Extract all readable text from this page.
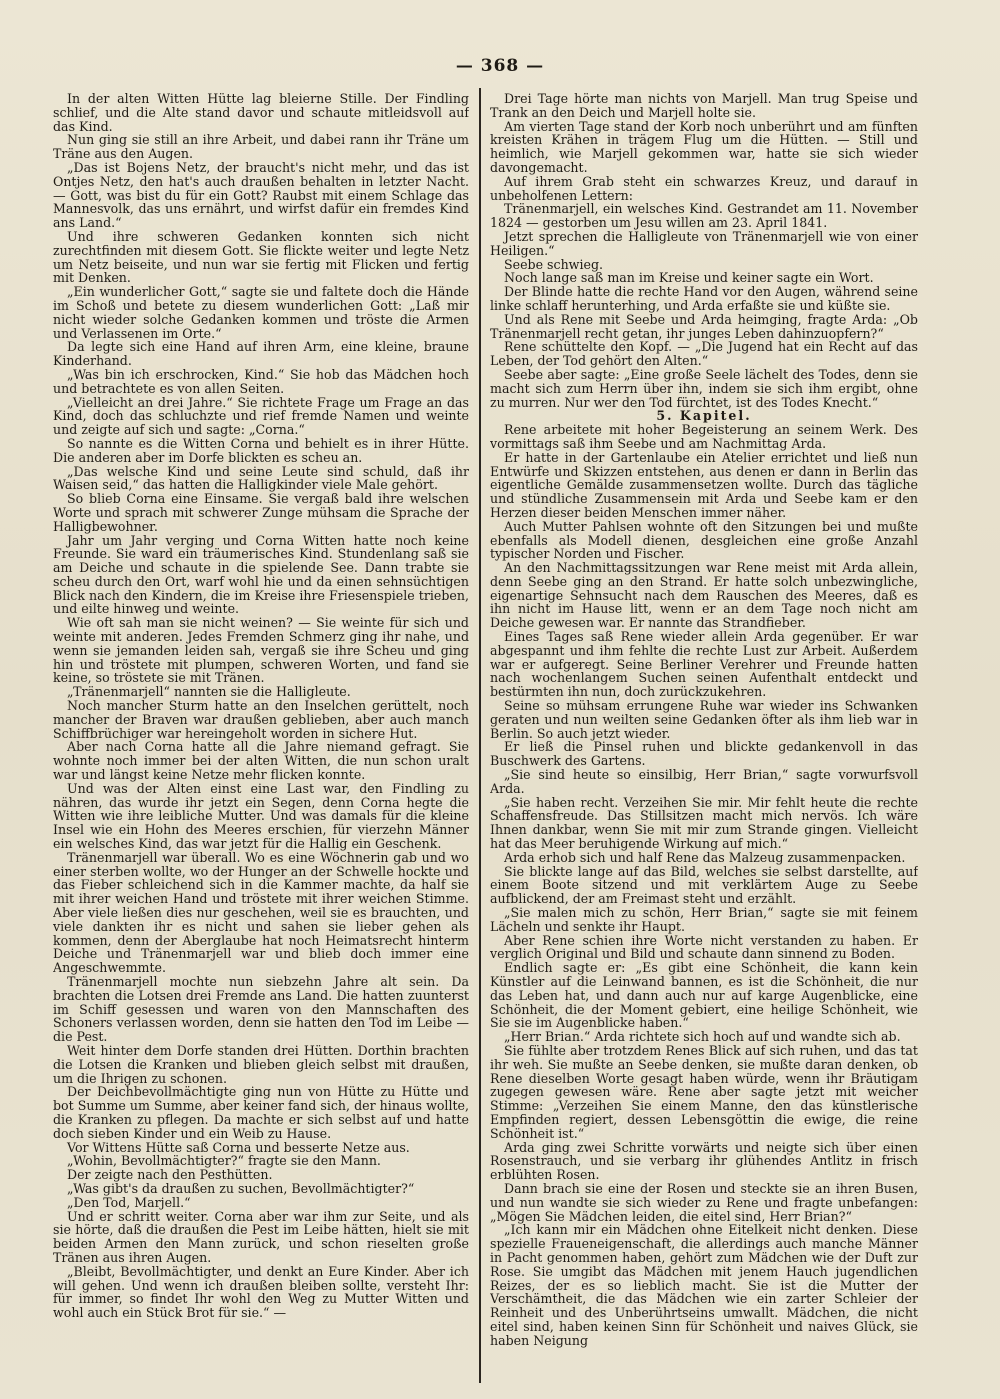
— 368 —

In der alten Witten Hütte lag bleierne Stille. Der Findling schlief, und die Alte stand davor und schaute mitleidsvoll auf das Kind.

Nun ging sie still an ihre Arbeit, und dabei rann ihr Träne um Träne aus den Augen.

„Das ist Bojens Netz, der braucht's nicht mehr, und das ist Ontjes Netz, den hat's auch draußen behalten in letzter Nacht. — Gott, was bist du für ein Gott? Raubst mit einem Schlage das Mannesvolk, das uns ernährt, und wirfst dafür ein fremdes Kind ans Land.“

Und ihre schweren Gedanken konnten sich nicht zurechtfinden mit diesem Gott. Sie flickte weiter und legte Netz um Netz beiseite, und nun war sie fertig mit Flicken und fertig mit Denken.

„Ein wunderlicher Gott,“ sagte sie und faltete doch die Hände im Schoß und betete zu diesem wunderlichen Gott: „Laß mir nicht wieder solche Gedanken kommen und tröste die Armen und Verlassenen im Orte.“

Da legte sich eine Hand auf ihren Arm, eine kleine, braune Kinderhand.

„Was bin ich erschrocken, Kind.“ Sie hob das Mädchen hoch und betrachtete es von allen Seiten.

„Vielleicht an drei Jahre.“ Sie richtete Frage um Frage an das Kind, doch das schluchzte und rief fremde Namen und weinte und zeigte auf sich und sagte: „Corna.“

So nannte es die Witten Corna und behielt es in ihrer Hütte. Die anderen aber im Dorfe blickten es scheu an.

„Das welsche Kind und seine Leute sind schuld, daß ihr Waisen seid,“ das hatten die Halligkinder viele Male gehört.

So blieb Corna eine Einsame. Sie vergaß bald ihre welschen Worte und sprach mit schwerer Zunge mühsam die Sprache der Halligbewohner.

Jahr um Jahr verging und Corna Witten hatte noch keine Freunde. Sie ward ein träumerisches Kind. Stundenlang saß sie am Deiche und schaute in die spielende See. Dann trabte sie scheu durch den Ort, warf wohl hie und da einen sehnsüchtigen Blick nach den Kindern, die im Kreise ihre Friesenspiele trieben, und eilte hinweg und weinte.

Wie oft sah man sie nicht weinen? — Sie weinte für sich und weinte mit anderen. Jedes Fremden Schmerz ging ihr nahe, und wenn sie jemanden leiden sah, vergaß sie ihre Scheu und ging hin und tröstete mit plumpen, schweren Worten, und fand sie keine, so tröstete sie mit Tränen.

„Tränenmarjell“ nannten sie die Halligleute.

Noch mancher Sturm hatte an den Inselchen gerüttelt, noch mancher der Braven war draußen geblieben, aber auch manch Schiffbrüchiger war hereingeholt worden in sichere Hut.

Aber nach Corna hatte all die Jahre niemand gefragt. Sie wohnte noch immer bei der alten Witten, die nun schon uralt war und längst keine Netze mehr flicken konnte.

Und was der Alten einst eine Last war, den Findling zu nähren, das wurde ihr jetzt ein Segen, denn Corna hegte die Witten wie ihre leibliche Mutter. Und was damals für die kleine Insel wie ein Hohn des Meeres erschien, für vierzehn Männer ein welsches Kind, das war jetzt für die Hallig ein Geschenk.

Tränenmarjell war überall. Wo es eine Wöchnerin gab und wo einer sterben wollte, wo der Hunger an der Schwelle hockte und das Fieber schleichend sich in die Kammer machte, da half sie mit ihrer weichen Hand und tröstete mit ihrer weichen Stimme. Aber viele ließen dies nur geschehen, weil sie es brauchten, und viele dankten ihr es nicht und sahen sie lieber gehen als kommen, denn der Aberglaube hat noch Heimatsrecht hinterm Deiche und Tränenmarjell war und blieb doch immer eine Angeschwemmte.

Tränenmarjell mochte nun siebzehn Jahre alt sein. Da brachten die Lotsen drei Fremde ans Land. Die hatten zuunterst im Schiff gesessen und waren von den Mannschaften des Schoners verlassen worden, denn sie hatten den Tod im Leibe — die Pest.

Weit hinter dem Dorfe standen drei Hütten. Dorthin brachten die Lotsen die Kranken und blieben gleich selbst mit draußen, um die Ihrigen zu schonen.

Der Deichbevollmächtigte ging nun von Hütte zu Hütte und bot Summe um Summe, aber keiner fand sich, der hinaus wollte, die Kranken zu pflegen. Da machte er sich selbst auf und hatte doch sieben Kinder und ein Weib zu Hause.

Vor Wittens Hütte saß Corna und besserte Netze aus.

„Wohin, Bevollmächtigter?“ fragte sie den Mann.

Der zeigte nach den Pesthütten.

„Was gibt's da draußen zu suchen, Bevollmächtigter?“

„Den Tod, Marjell.“

Und er schritt weiter. Corna aber war ihm zur Seite, und als sie hörte, daß die draußen die Pest im Leibe hätten, hielt sie mit beiden Armen den Mann zurück, und schon rieselten große Tränen aus ihren Augen.

„Bleibt, Bevollmächtigter, und denkt an Eure Kinder. Aber ich will gehen. Und wenn ich draußen bleiben sollte, versteht Ihr: für immer, so findet Ihr wohl den Weg zu Mutter Witten und wohl auch ein Stück Brot für sie.“ —

Drei Tage hörte man nichts von Marjell. Man trug Speise und Trank an den Deich und Marjell holte sie.

Am vierten Tage stand der Korb noch unberührt und am fünften kreisten Krähen in trägem Flug um die Hütten. — Still und heimlich, wie Marjell gekommen war, hatte sie sich wieder davongemacht.

Auf ihrem Grab steht ein schwarzes Kreuz, und darauf in unbeholfenen Lettern:

Tränenmarjell, ein welsches Kind. Gestrandet am 11. November 1824 — gestorben um Jesu willen am 23. April 1841.

Jetzt sprechen die Halligleute von Tränenmarjell wie von einer Heiligen.“

Seebe schwieg.

Noch lange saß man im Kreise und keiner sagte ein Wort.

Der Blinde hatte die rechte Hand vor den Augen, während seine linke schlaff herunterhing, und Arda erfaßte sie und küßte sie.

Und als Rene mit Seebe und Arda heimging, fragte Arda: „Ob Tränenmarjell recht getan, ihr junges Leben dahinzuopfern?“

Rene schüttelte den Kopf. — „Die Jugend hat ein Recht auf das Leben, der Tod gehört den Alten.“

Seebe aber sagte: „Eine große Seele lächelt des Todes, denn sie macht sich zum Herrn über ihn, indem sie sich ihm ergibt, ohne zu murren. Nur wer den Tod fürchtet, ist des Todes Knecht.“

5. Kapitel.

Rene arbeitete mit hoher Begeisterung an seinem Werk. Des vormittags saß ihm Seebe und am Nachmittag Arda.

Er hatte in der Gartenlaube ein Atelier errichtet und ließ nun Entwürfe und Skizzen entstehen, aus denen er dann in Berlin das eigentliche Gemälde zusammensetzen wollte. Durch das tägliche und stündliche Zusammensein mit Arda und Seebe kam er den Herzen dieser beiden Menschen immer näher.

Auch Mutter Pahlsen wohnte oft den Sitzungen bei und mußte ebenfalls als Modell dienen, desgleichen eine große Anzahl typischer Norden und Fischer.

An den Nachmittagssitzungen war Rene meist mit Arda allein, denn Seebe ging an den Strand. Er hatte solch unbezwingliche, eigenartige Sehnsucht nach dem Rauschen des Meeres, daß es ihn nicht im Hause litt, wenn er an dem Tage noch nicht am Deiche gewesen war. Er nannte das Strandfieber.

Eines Tages saß Rene wieder allein Arda gegenüber. Er war abgespannt und ihm fehlte die rechte Lust zur Arbeit. Außerdem war er aufgeregt. Seine Berliner Verehrer und Freunde hatten nach wochenlangem Suchen seinen Aufenthalt entdeckt und bestürmten ihn nun, doch zurückzukehren.

Seine so mühsam errungene Ruhe war wieder ins Schwanken geraten und nun weilten seine Gedanken öfter als ihm lieb war in Berlin. So auch jetzt wieder.

Er ließ die Pinsel ruhen und blickte gedankenvoll in das Buschwerk des Gartens.

„Sie sind heute so einsilbig, Herr Brian,“ sagte vorwurfsvoll Arda.

„Sie haben recht. Verzeihen Sie mir. Mir fehlt heute die rechte Schaffensfreude. Das Stillsitzen macht mich nervös. Ich wäre Ihnen dankbar, wenn Sie mit mir zum Strande gingen. Vielleicht hat das Meer beruhigende Wirkung auf mich.“

Arda erhob sich und half Rene das Malzeug zusammenpacken.

Sie blickte lange auf das Bild, welches sie selbst darstellte, auf einem Boote sitzend und mit verklärtem Auge zu Seebe aufblickend, der am Freimast steht und erzählt.

„Sie malen mich zu schön, Herr Brian,“ sagte sie mit feinem Lächeln und senkte ihr Haupt.

Aber Rene schien ihre Worte nicht verstanden zu haben. Er verglich Original und Bild und schaute dann sinnend zu Boden.

Endlich sagte er: „Es gibt eine Schönheit, die kann kein Künstler auf die Leinwand bannen, es ist die Schönheit, die nur das Leben hat, und dann auch nur auf karge Augenblicke, eine Schönheit, die der Moment gebiert, eine heilige Schönheit, wie Sie sie im Augenblicke haben.“

„Herr Brian.“ Arda richtete sich hoch auf und wandte sich ab.

Sie fühlte aber trotzdem Renes Blick auf sich ruhen, und das tat ihr weh. Sie mußte an Seebe denken, sie mußte daran denken, ob Rene dieselben Worte gesagt haben würde, wenn ihr Bräutigam zugegen gewesen wäre. Rene aber sagte jetzt mit weicher Stimme: „Verzeihen Sie einem Manne, den das künstlerische Empfinden regiert, dessen Lebensgöttin die ewige, die reine Schönheit ist.“

Arda ging zwei Schritte vorwärts und neigte sich über einen Rosenstrauch, und sie verbarg ihr glühendes Antlitz in frisch erblühten Rosen.

Dann brach sie eine der Rosen und steckte sie an ihren Busen, und nun wandte sie sich wieder zu Rene und fragte unbefangen: „Mögen Sie Mädchen leiden, die eitel sind, Herr Brian?“

„Ich kann mir ein Mädchen ohne Eitelkeit nicht denken. Diese spezielle Fraueneigenschaft, die allerdings auch manche Männer in Pacht genommen haben, gehört zum Mädchen wie der Duft zur Rose. Sie umgibt das Mädchen mit jenem Hauch jugendlichen Reizes, der es so lieblich macht. Sie ist die Mutter der Verschämtheit, die das Mädchen wie ein zarter Schleier der Reinheit und des Unberührtseins umwallt. Mädchen, die nicht eitel sind, haben keinen Sinn für Schönheit und naives Glück, sie haben Neigung
